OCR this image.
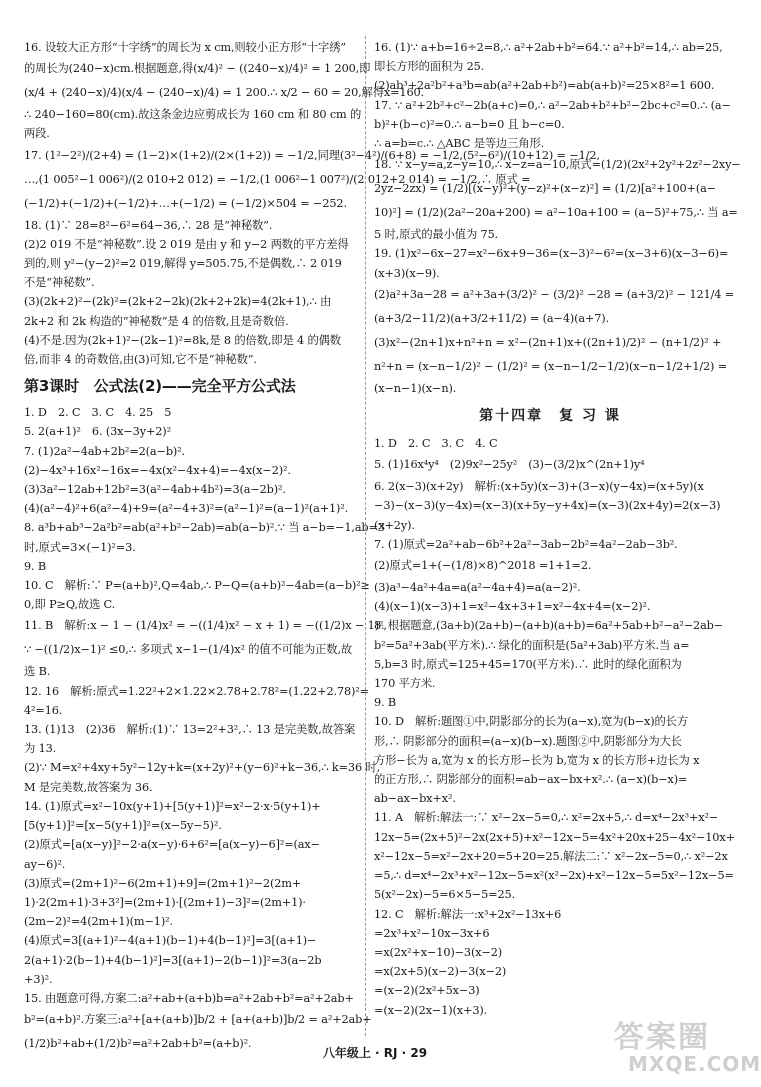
16. 设较大正方形“十字绣”的周长为 x cm,则较小正方形“十字绣”
的周长为(240−x)cm.根据题意,得(x/4)² − ((240−x)/4)² = 1 200,即
(x/4 + (240−x)/4)(x/4 − (240−x)/4) = 1 200.∴ x/2 − 60 = 20,解得x=160.
∴ 240−160=80(cm).故这条金边应剪成长为 160 cm 和 80 cm 的
两段.
17. (1²−2²)/(2+4) = (1−2)×(1+2)/(2×(1+2)) = −1/2,同理(3²−4²)/(6+8) = −1/2,(5²−6²)/(10+12) = −1/2,
…,(1 005²−1 006²)/(2 010+2 012) = −1/2,(1 006²−1 007²)/(2 012+2 014) = −1/2,∴ 原式 =
(−1/2)+(−1/2)+(−1/2)+…+(−1/2) = (−1/2)×504 = −252.
18. (1)∵ 28=8²−6²=64−36,∴ 28 是“神秘数”.
(2)2 019 不是“神秘数”.设 2 019 是由 y 和 y−2 两数的平方差得
到的,则 y²−(y−2)²=2 019,解得 y=505.75,不是偶数,∴ 2 019
不是“神秘数”.
(3)(2k+2)²−(2k)²=(2k+2−2k)(2k+2+2k)=4(2k+1),∴ 由
2k+2 和 2k 构造的“神秘数”是 4 的倍数,且是奇数倍.
(4)不是.因为(2k+1)²−(2k−1)²=8k,是 8 的倍数,即是 4 的偶数
倍,而非 4 的奇数倍,由(3)可知,它不是“神秘数”.
第3课时　公式法(2)——完全平方公式法
1. D　2. C　3. C　4. 25　5
5. 2(a+1)²　6. (3x−3y+2)²
7. (1)2a²−4ab+2b²=2(a−b)².
(2)−4x³+16x²−16x=−4x(x²−4x+4)=−4x(x−2)².
(3)3a²−12ab+12b²=3(a²−4ab+4b²)=3(a−2b)².
(4)(a²−4)²+6(a²−4)+9=(a²−4+3)²=(a²−1)²=(a−1)²(a+1)².
8. a³b+ab³−2a²b²=ab(a²+b²−2ab)=ab(a−b)².∵ 当 a−b=−1,ab=3
时,原式=3×(−1)²=3.
9. B
10. C　解析:∵ P=(a+b)²,Q=4ab,∴ P−Q=(a+b)²−4ab=(a−b)²≥
0,即 P≥Q,故选 C.
11. B　解析:x − 1 − (1/4)x² = −((1/4)x² − x + 1) = −((1/2)x − 1)²,
∵ −((1/2)x−1)² ≤0,∴ 多项式 x−1−(1/4)x² 的值不可能为正数,故
选 B.
12. 16　解析:原式=1.22²+2×1.22×2.78+2.78²=(1.22+2.78)²=
4²=16.
13. (1)13　(2)36　解析:(1)∵ 13=2²+3²,∴ 13 是完美数,故答案
为 13.
(2)∵ M=x²+4xy+5y²−12y+k=(x+2y)²+(y−6)²+k−36,∴ k=36 时,
M 是完美数,故答案为 36.
14. (1)原式=x²−10x(y+1)+[5(y+1)]²=x²−2·x·5(y+1)+
[5(y+1)]²=[x−5(y+1)]²=(x−5y−5)².
(2)原式=[a(x−y)]²−2·a(x−y)·6+6²=[a(x−y)−6]²=(ax−
ay−6)².
(3)原式=(2m+1)²−6(2m+1)+9]=(2m+1)²−2(2m+
1)·2(2m+1)·3+3²]=(2m+1)·[(2m+1)−3]²=(2m+1)·
(2m−2)²=4(2m+1)(m−1)².
(4)原式=3[(a+1)²−4(a+1)(b−1)+4(b−1)²]=3[(a+1)−
2(a+1)·2(b−1)+4(b−1)²]=3[(a+1)−2(b−1)]²=3(a−2b
+3)².
15. 由题意可得,方案二:a²+ab+(a+b)b=a²+2ab+b²=a²+2ab+
b²=(a+b)².方案三:a²+[a+(a+b)]b/2 + [a+(a+b)]b/2 = a²+2ab+
(1/2)b²+ab+(1/2)b²=a²+2ab+b²=(a+b)².
16. (1)∵ a+b=16÷2=8,∴ a²+2ab+b²=64.∵ a²+b²=14,∴ ab=25,
即长方形的面积为 25.
(2)ab³+2a²b²+a³b=ab(a²+2ab+b²)=ab(a+b)²=25×8²=1 600.
17. ∵ a²+2b²+c²−2b(a+c)=0,∴ a²−2ab+b²+b²−2bc+c²=0.∴ (a−
b)²+(b−c)²=0.∴ a−b=0 且 b−c=0.
∴ a=b=c.∴ △ABC 是等边三角形.
18. ∵ x−y=a,z−y=10,∴ x−z=a−10,原式=(1/2)(2x²+2y²+2z²−2xy−
2yz−2zx) = (1/2)[(x−y)²+(y−z)²+(x−z)²] = (1/2)[a²+100+(a−
10)²] = (1/2)(2a²−20a+200) = a²−10a+100 = (a−5)²+75,∴ 当 a=
5 时,原式的最小值为 75.
19. (1)x²−6x−27=x²−6x+9−36=(x−3)²−6²=(x−3+6)(x−3−6)=
(x+3)(x−9).
(2)a²+3a−28 = a²+3a+(3/2)² − (3/2)² −28 = (a+3/2)² − 121/4 =
(a+3/2−11/2)(a+3/2+11/2) = (a−4)(a+7).
(3)x²−(2n+1)x+n²+n = x²−(2n+1)x+((2n+1)/2)² − (n+1/2)² +
n²+n = (x−n−1/2)² − (1/2)² = (x−n−1/2−1/2)(x−n−1/2+1/2) =
(x−n−1)(x−n).
第十四章　复 习 课
1. D　2. C　3. C　4. C
5. (1)16x⁴y⁴　(2)9x²−25y²　(3)−(3/2)x^(2n+1)y⁴
6. 2(x−3)(x+2y)　解析:(x+5y)(x−3)+(3−x)(y−4x)=(x+5y)(x
−3)−(x−3)(y−4x)=(x−3)(x+5y−y+4x)=(x−3)(2x+4y)=2(x−3)
(x+2y).
7. (1)原式=2a²+ab−6b²+2a²−3ab−2b²=4a²−2ab−3b².
(2)原式=1+(−(1/8)×8)^2018 =1+1=2.
(3)a³−4a²+4a=a(a²−4a+4)=a(a−2)².
(4)(x−1)(x−3)+1=x²−4x+3+1=x²−4x+4=(x−2)².
8. 根据题意,(3a+b)(2a+b)−(a+b)(a+b)=6a²+5ab+b²−a²−2ab−
b²=5a²+3ab(平方米).∴ 绿化的面积是(5a²+3ab)平方米.当 a=
5,b=3 时,原式=125+45=170(平方米).∴ 此时的绿化面积为
170 平方米.
9. B
10. D　解析:题图①中,阴影部分的长为(a−x),宽为(b−x)的长方
形,∴ 阴影部分的面积=(a−x)(b−x).题图②中,阴影部分为大长
方形−长为 a,宽为 x 的长方形−长为 b,宽为 x 的长方形+边长为 x
的正方形,∴ 阴影部分的面积=ab−ax−bx+x².∴ (a−x)(b−x)=
ab−ax−bx+x².
11. A　解析:解法一:∵ x²−2x−5=0,∴ x²=2x+5,∴ d=x⁴−2x³+x²−
12x−5=(2x+5)²−2x(2x+5)+x²−12x−5=4x²+20x+25−4x²−10x+
x²−12x−5=x²−2x+20=5+20=25.解法二:∵ x²−2x−5=0,∴ x²−2x
=5,∴ d=x⁴−2x³+x²−12x−5=x²(x²−2x)+x²−12x−5=5x²−12x−5=
5(x²−2x)−5=6×5−5=25.
12. C　解析:解法一:x³+2x²−13x+6
=2x³+x²−10x−3x+6
=x(2x²+x−10)−3(x−2)
=x(2x+5)(x−2)−3(x−2)
=(x−2)(2x²+5x−3)
=(x−2)(2x−1)(x+3).
八年级上 · RJ · 29	答案圈
MXQE.COM
